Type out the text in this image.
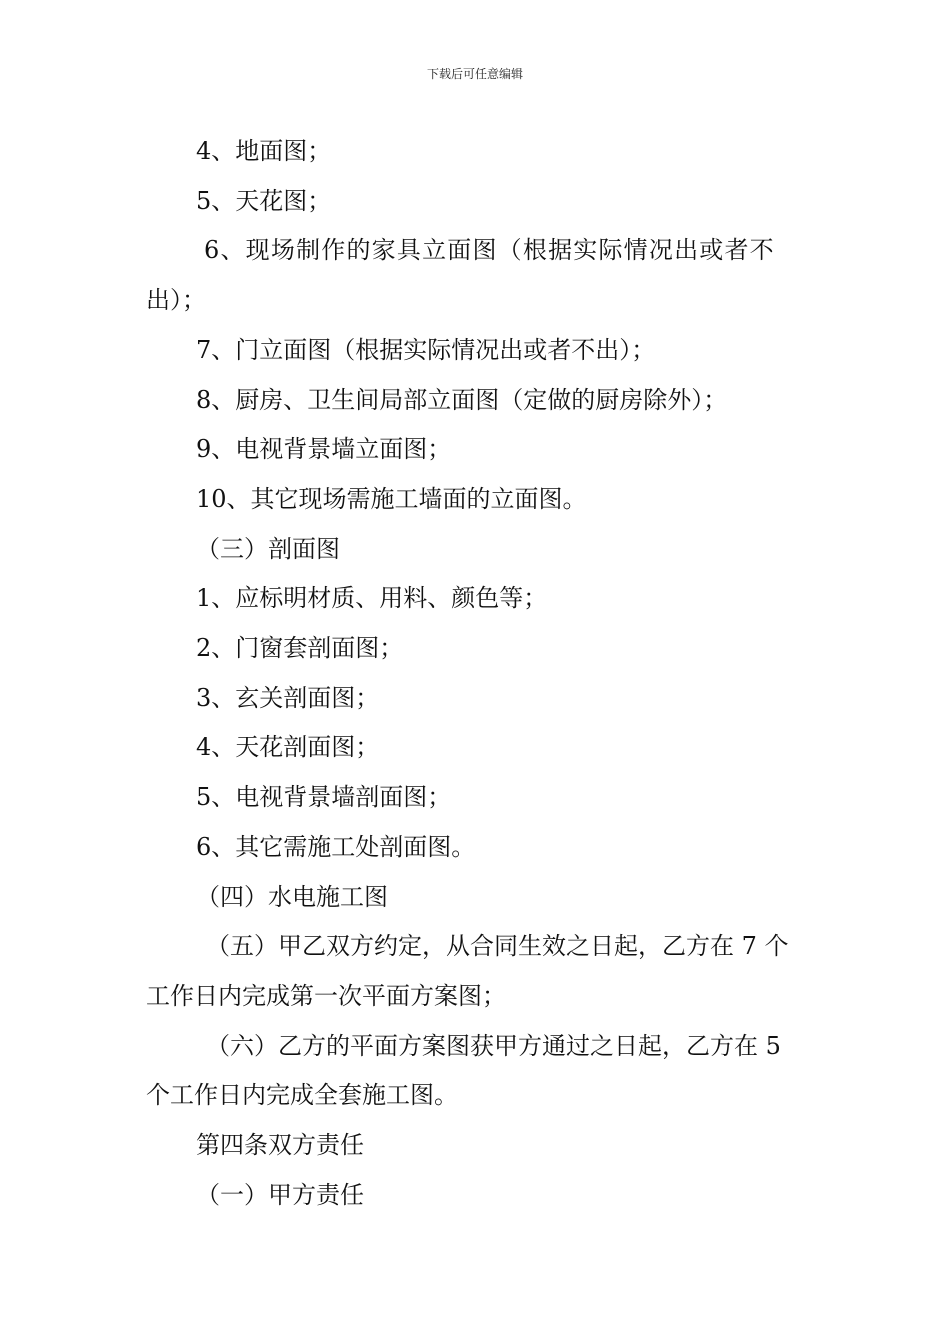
下载后可任意编辑

4、地面图；

5、天花图；

6、现场制作的家具立面图（根据实际情况出或者不

出）；

7、门立面图（根据实际情况出或者不出）；

8、厨房、卫生间局部立面图（定做的厨房除外）；

9、电视背景墙立面图；

10、其它现场需施工墙面的立面图。

（三）剖面图

1、应标明材质、用料、颜色等；

2、门窗套剖面图；

3、玄关剖面图；

4、天花剖面图；

5、电视背景墙剖面图；

6、其它需施工处剖面图。

（四）水电施工图

（五）甲乙双方约定，从合同生效之日起，乙方在 7 个

工作日内完成第一次平面方案图；

（六）乙方的平面方案图获甲方通过之日起，乙方在 5

个工作日内完成全套施工图。

第四条双方责任

（一）甲方责任
